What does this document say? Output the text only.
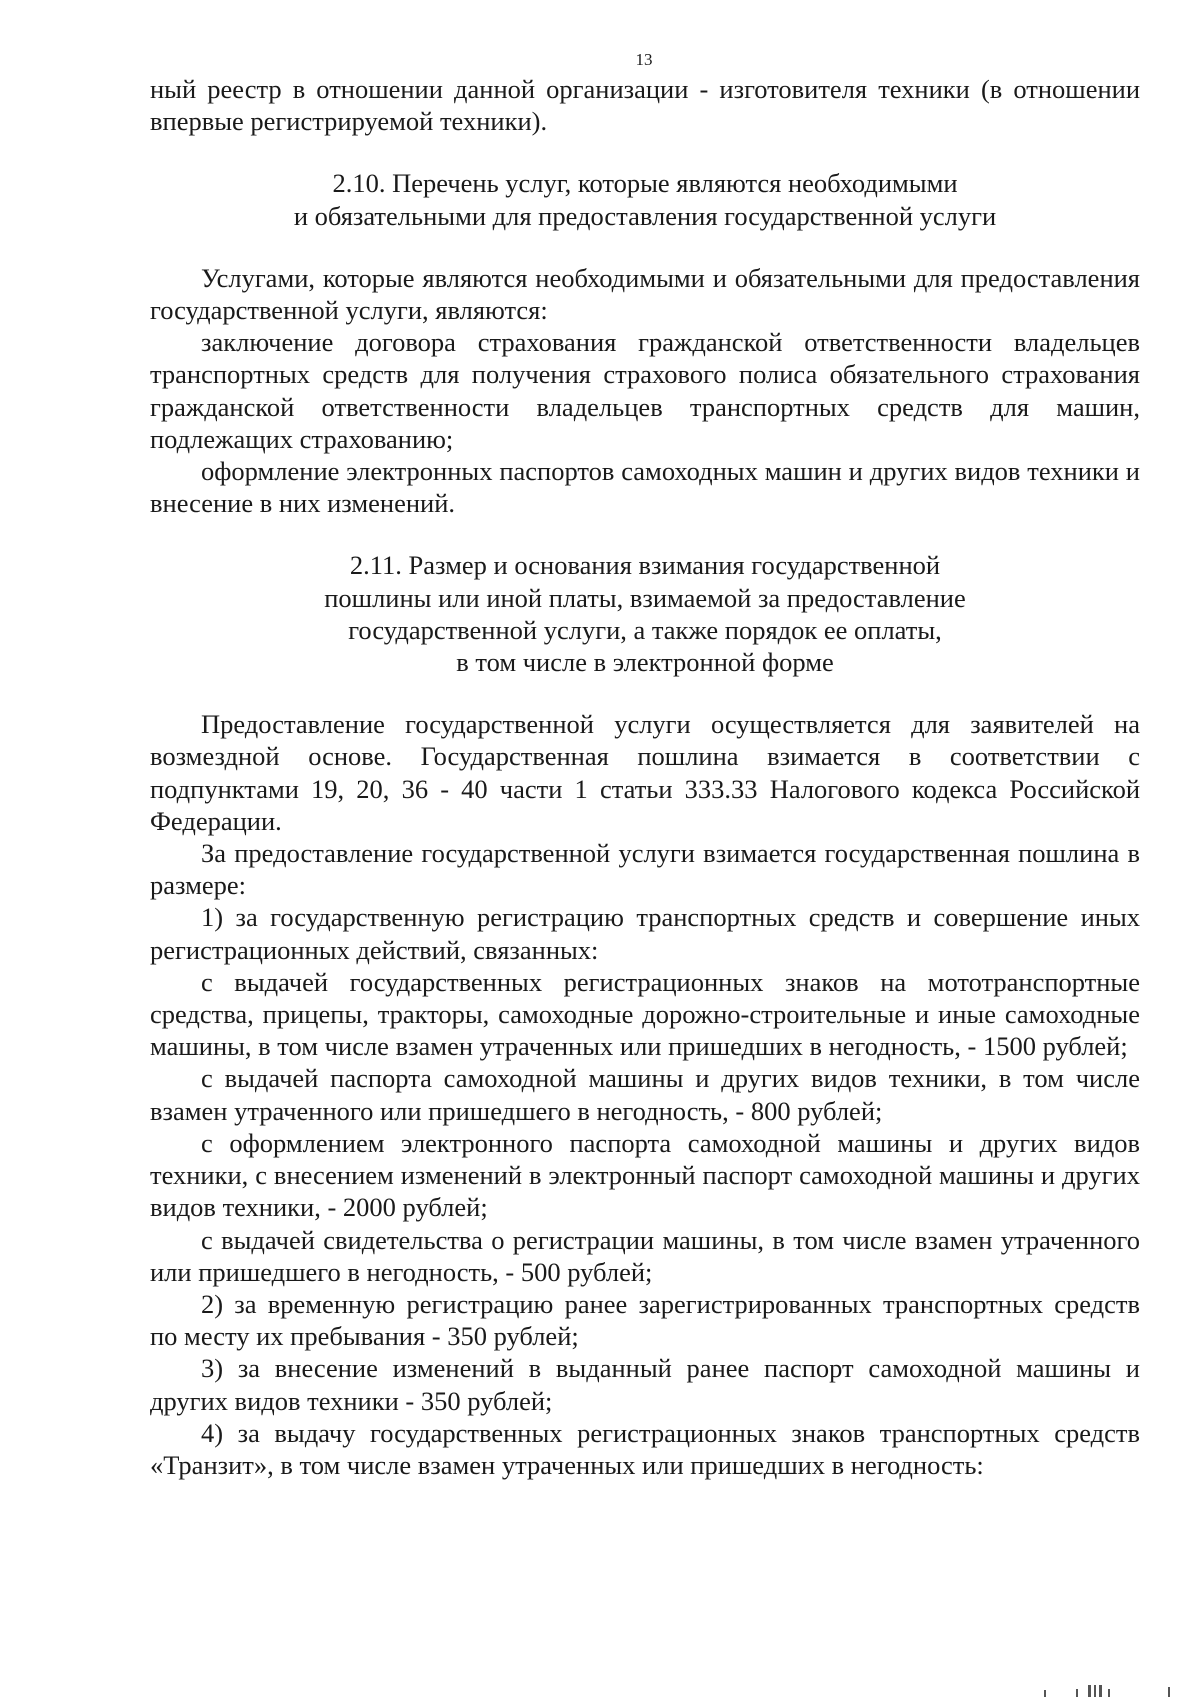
13

ный реестр в отношении данной организации - изготовителя техники (в отношении впервые регистрируемой техники).

2.10. Перечень услуг, которые являются необходимыми
и обязательными для предоставления государственной услуги

Услугами, которые являются необходимыми и обязательными для предоставления государственной услуги, являются:

заключение договора страхования гражданской ответственности владельцев транспортных средств для получения страхового полиса обязательного страхования гражданской ответственности владельцев транспортных средств для машин, подлежащих страхованию;

оформление электронных паспортов самоходных машин и других видов техники и внесение в них изменений.

2.11. Размер и основания взимания государственной
пошлины или иной платы, взимаемой за предоставление
государственной услуги, а также порядок ее оплаты,
в том числе в электронной форме

Предоставление государственной услуги осуществляется для заявителей на возмездной основе. Государственная пошлина взимается в соответствии с подпунктами 19, 20, 36 - 40 части 1 статьи 333.33 Налогового кодекса Российской Федерации.

За предоставление государственной услуги взимается государственная пошлина в размере:

1) за государственную регистрацию транспортных средств и совершение иных регистрационных действий, связанных:

с выдачей государственных регистрационных знаков на мототранспортные средства, прицепы, тракторы, самоходные дорожно-строительные и иные самоходные машины, в том числе взамен утраченных или пришедших в негодность, - 1500 рублей;

с выдачей паспорта самоходной машины и других видов техники, в том числе взамен утраченного или пришедшего в негодность, - 800 рублей;

с оформлением электронного паспорта самоходной машины и других видов техники, с внесением изменений в электронный паспорт самоходной машины и других видов техники, - 2000 рублей;

с выдачей свидетельства о регистрации машины, в том числе взамен утраченного или пришедшего в негодность, - 500 рублей;

2) за временную регистрацию ранее зарегистрированных транспортных средств по месту их пребывания - 350 рублей;

3) за внесение изменений в выданный ранее паспорт самоходной машины и других видов техники - 350 рублей;

4) за выдачу государственных регистрационных знаков транспортных средств «Транзит», в том числе взамен утраченных или пришедших в негодность:
